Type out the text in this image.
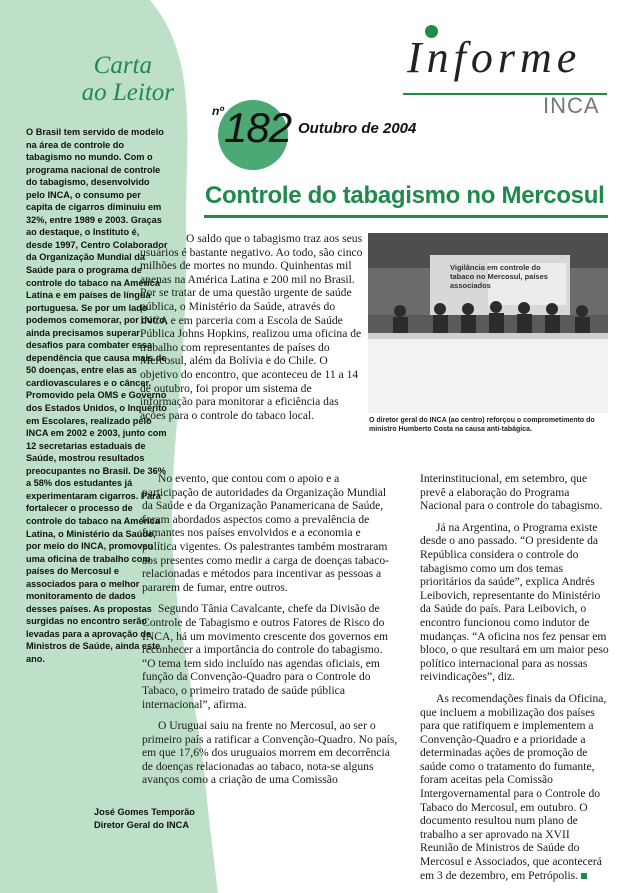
Carta
ao Leitor
O Brasil tem servido de modelo na área de controle do tabagismo no mundo. Com o programa nacional de controle do tabagismo, desenvolvido pelo INCA, o consumo per capita de cigarros diminuiu em 32%, entre 1989 e 2003. Graças ao destaque, o Instituto é, desde 1997, Centro Colaborador da Organização Mundial da Saúde para o programa de controle do tabaco na América Latina e em países de língua portuguesa. Se por um lado podemos comemorar, por outro, ainda precisamos superar desafios para combater essa dependência que causa mais de 50 doenças, entre elas as cardiovasculares e o câncer. Promovido pela OMS e Governo dos Estados Unidos, o Inquérito em Escolares, realizado pelo INCA em 2002 e 2003, junto com 12 secretarias estaduais de Saúde, mostrou resultados preocupantes no Brasil. De 36% a 58% dos estudantes já experimentaram cigarros. Para fortalecer o processo de controle do tabaco na América Latina, o Ministério da Saúde, por meio do INCA, promoveu uma oficina de trabalho com países do Mercosul e associados para o melhor monitoramento de dados desses países. As propostas surgidas no encontro serão levadas para a aprovação de Ministros de Saúde, ainda este ano.
José Gomes Temporão
Diretor Geral do INCA
Informe
INCA
nº 182 Outubro de 2004
Controle do tabagismo no Mercosul

O saldo que o tabagismo traz aos seus usuários é bastante negativo. Ao todo, são cinco milhões de mortes no mundo. Quinhentas mil apenas na América Latina e 200 mil no Brasil. Por se tratar de uma questão urgente de saúde pública, o Ministério da Saúde, através do INCA e em parceria com a Escola de Saúde Pública Johns Hopkins, realizou uma oficina de trabalho com representantes de países do Mercosul, além da Bolívia e do Chile. O objetivo do encontro, que aconteceu de 11 a 14 de outubro, foi propor um sistema de informação para monitorar a eficiência das ações para o controle do tabaco local.

Vigilância em controle do tabaco no Mercosul, países associados
O diretor geral do INCA (ao centro) reforçou o comprometimento do ministro Humberto Costa na causa anti-tabágica.

No evento, que contou com o apoio e a participação de autoridades da Organização Mundial da Saúde e da Organização Panamericana de Saúde, foram abordados aspectos como a prevalência de fumantes nos países envolvidos e a economia e política vigentes. Os palestrantes também mostraram aos presentes como medir a carga de doenças tabaco-relacionadas e métodos para incentivar as pessoas a pararem de fumar, entre outros.

Segundo Tânia Cavalcante, chefe da Divisão de Controle de Tabagismo e outros Fatores de Risco do INCA, há um movimento crescente dos governos em reconhecer a importância do controle do tabagismo. “O tema tem sido incluído nas agendas oficiais, em função da Convenção-Quadro para o Controle do Tabaco, o primeiro tratado de saúde pública internacional”, afirma.

O Uruguai saiu na frente no Mercosul, ao ser o primeiro país a ratificar a Convenção-Quadro. No país, em que 17,6% dos uruguaios morrem em decorrência de doenças relacionadas ao tabaco, nota-se alguns avanços como a criação de uma Comissão

Interinstitucional, em setembro, que prevê a elaboração do Programa Nacional para o controle do tabagismo.

Já na Argentina, o Programa existe desde o ano passado. “O presidente da República considera o controle do tabagismo como um dos temas prioritários da saúde”, explica Andrés Leibovich, representante do Ministério da Saúde do país. Para Leibovich, o encontro funcionou como indutor de mudanças. “A oficina nos fez pensar em bloco, o que resultará em um maior peso político internacional para as nossas reivindicações”, diz.

As recomendações finais da Oficina, que incluem a mobilização dos países para que ratifiquem e implementem a Convenção-Quadro e a prioridade a determinadas ações de promoção de saúde como o tratamento do fumante, foram aceitas pela Comissão Intergovernamental para o Controle do Tabaco do Mercosul, em outubro. O documento resultou num plano de trabalho a ser aprovado na XVII Reunião de Ministros de Saúde do Mercosul e Associados, que acontecerá em 3 de dezembro, em Petrópolis.
